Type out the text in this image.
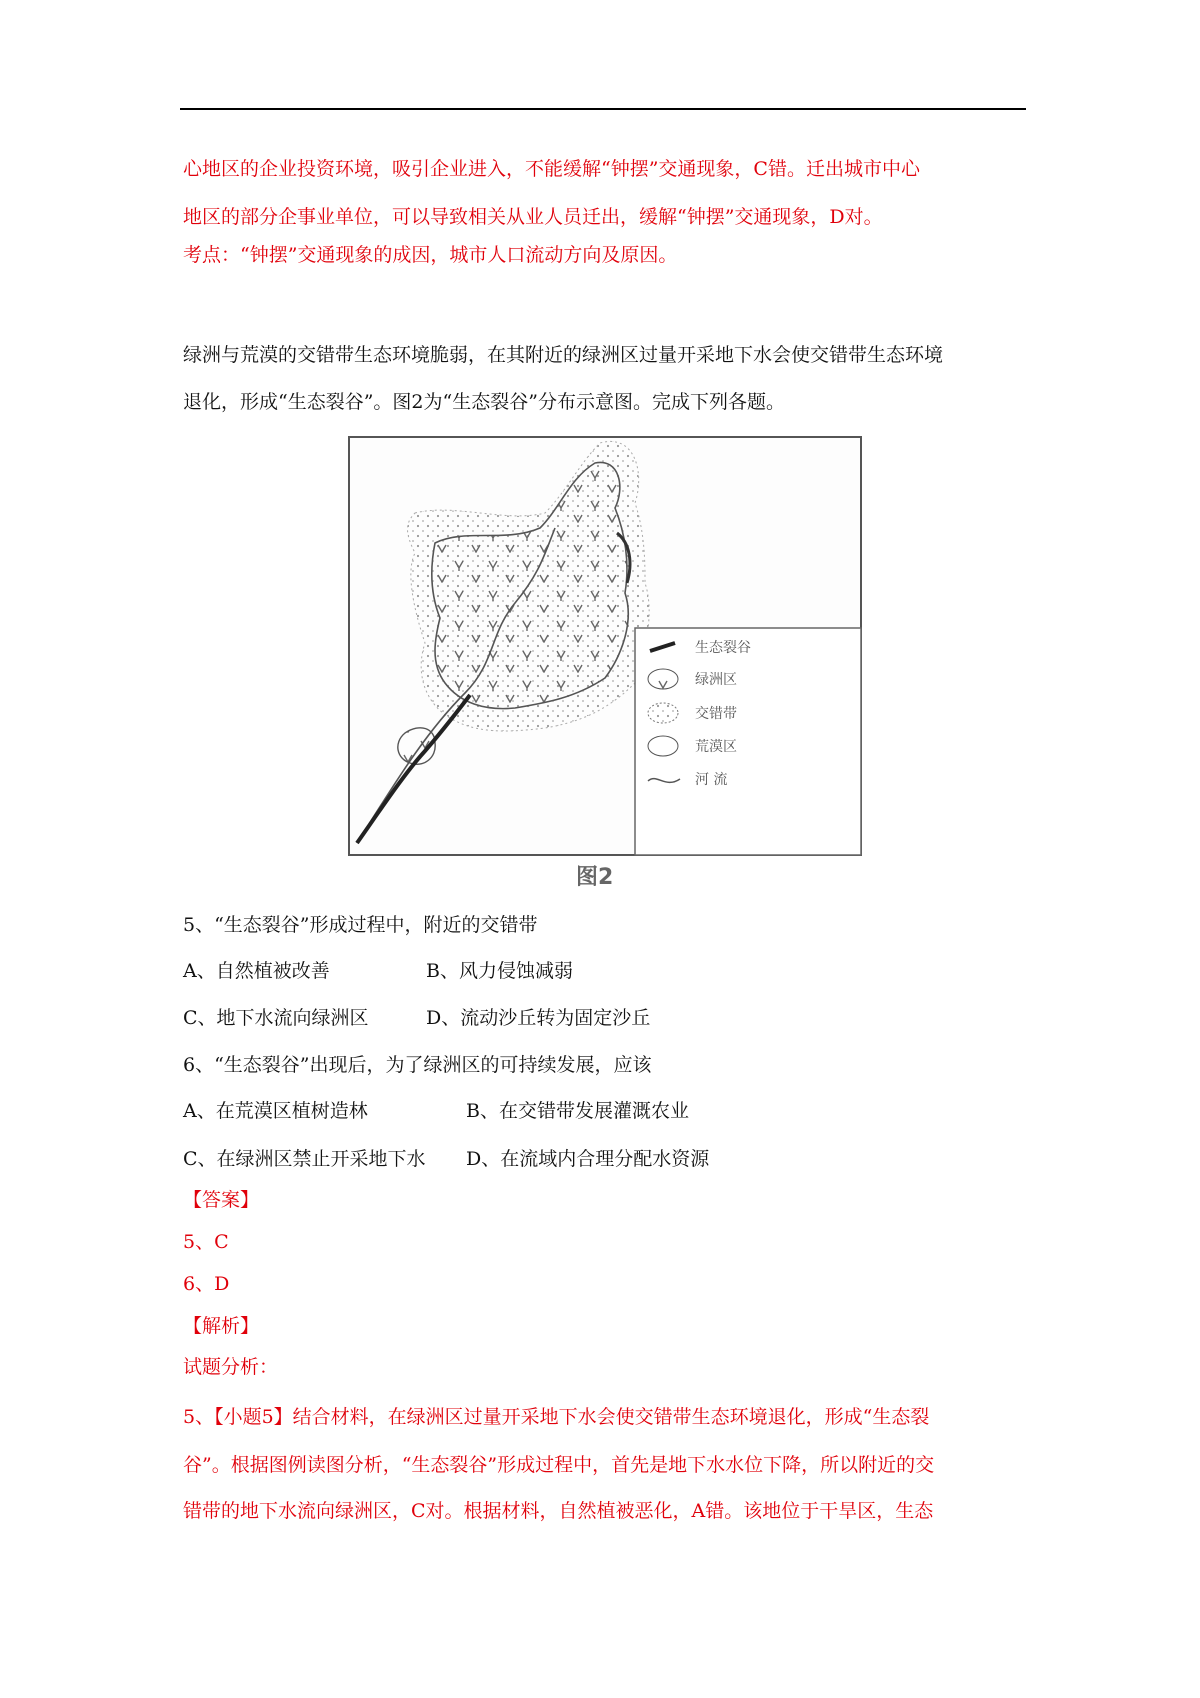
心地区的企业投资环境，吸引企业进入，不能缓解“钟摆”交通现象，C错。迁出城市中心
地区的部分企事业单位，可以导致相关从业人员迁出，缓解“钟摆”交通现象，D对。
考点：“钟摆”交通现象的成因，城市人口流动方向及原因。
绿洲与荒漠的交错带生态环境脆弱，在其附近的绿洲区过量开采地下水会使交错带生态环境
退化，形成“生态裂谷”。图2为“生态裂谷”分布示意图。完成下列各题。
生态裂谷
绿洲区
交错带
荒漠区
河 流
图2
5、“生态裂谷”形成过程中，附近的交错带
A、自然植被改善	B、风力侵蚀减弱
C、地下水流向绿洲区	D、流动沙丘转为固定沙丘
6、“生态裂谷”出现后，为了绿洲区的可持续发展，应该
A、在荒漠区植树造林	B、在交错带发展灌溉农业
C、在绿洲区禁止开采地下水 D、在流域内合理分配水资源
【答案】
5、C
6、D
【解析】
试题分析：
5、【小题5】结合材料，在绿洲区过量开采地下水会使交错带生态环境退化，形成“生态裂
谷”。根据图例读图分析，“生态裂谷”形成过程中，首先是地下水水位下降，所以附近的交
错带的地下水流向绿洲区，C对。根据材料，自然植被恶化，A错。该地位于干旱区，生态
